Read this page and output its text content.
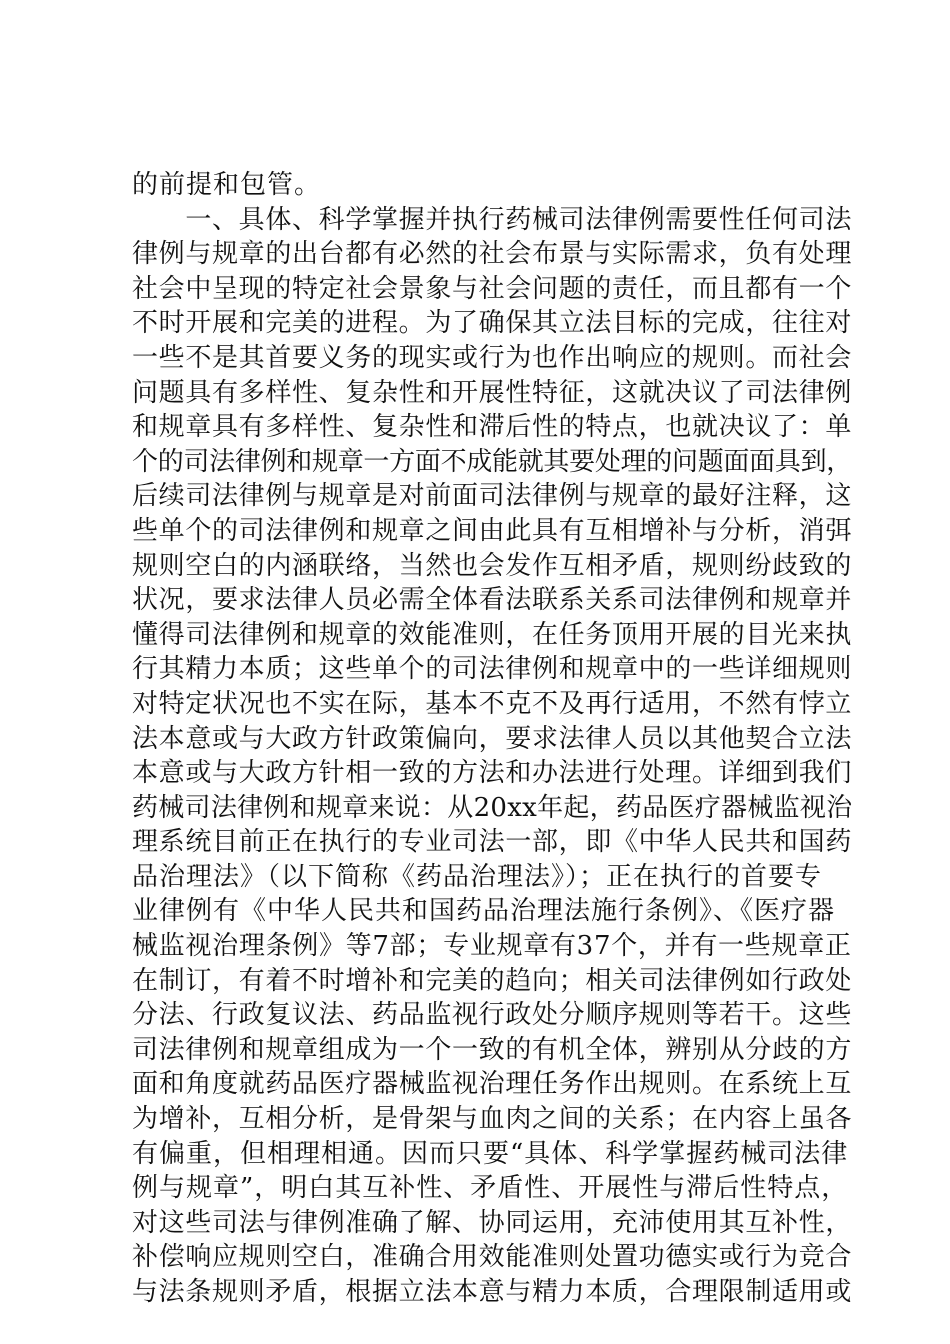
的前提和包管。
　　一、具体、科学掌握并执行药械司法律例需要性任何司法
律例与规章的出台都有必然的社会布景与实际需求，负有处理
社会中呈现的特定社会景象与社会问题的责任，而且都有一个
不时开展和完美的进程。为了确保其立法目标的完成，往往对
一些不是其首要义务的现实或行为也作出响应的规则。而社会
问题具有多样性、复杂性和开展性特征，这就决议了司法律例
和规章具有多样性、复杂性和滞后性的特点，也就决议了：单
个的司法律例和规章一方面不成能就其要处理的问题面面具到，
后续司法律例与规章是对前面司法律例与规章的最好注释，这
些单个的司法律例和规章之间由此具有互相增补与分析，消弭
规则空白的内涵联络，当然也会发作互相矛盾，规则纷歧致的
状况，要求法律人员必需全体看法联系关系司法律例和规章并
懂得司法律例和规章的效能准则，在任务顶用开展的目光来执
行其精力本质；这些单个的司法律例和规章中的一些详细规则
对特定状况也不实在际，基本不克不及再行适用，不然有悖立
法本意或与大政方针政策偏向，要求法律人员以其他契合立法
本意或与大政方针相一致的方法和办法进行处理。详细到我们
药械司法律例和规章来说：从20xx年起，药品医疗器械监视治
理系统目前正在执行的专业司法一部，即《中华人民共和国药
品治理法》（以下简称《药品治理法》）；正在执行的首要专
业律例有《中华人民共和国药品治理法施行条例》、《医疗器
械监视治理条例》等7部；专业规章有37个，并有一些规章正
在制订，有着不时增补和完美的趋向；相关司法律例如行政处
分法、行政复议法、药品监视行政处分顺序规则等若干。这些
司法律例和规章组成为一个一致的有机全体，辨别从分歧的方
面和角度就药品医疗器械监视治理任务作出规则。在系统上互
为增补，互相分析，是骨架与血肉之间的关系；在内容上虽各
有偏重，但相理相通。因而只要“具体、科学掌握药械司法律
例与规章”，明白其互补性、矛盾性、开展性与滞后性特点，
对这些司法与律例准确了解、协同运用，充沛使用其互补性，
补偿响应规则空白，准确合用效能准则处置功德实或行为竞合
与法条规则矛盾，根据立法本意与精力本质，合理限制适用或
